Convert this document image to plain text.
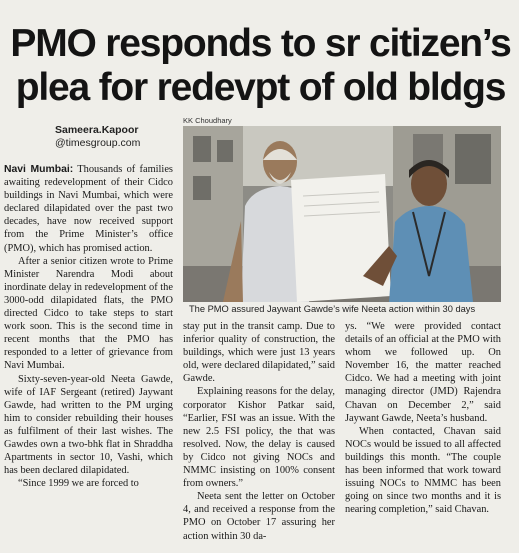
PMO responds to sr citizen’s
plea for redevpt of old bldgs
Sameera.Kapoor
@timesgroup.com
KK Choudhary
The PMO assured Jaywant Gawde’s wife Neeta action within 30 days

Navi Mumbai: Thousands of families awaiting redevelopment of their Cidco buildings in Navi Mumbai, which were declared dilapidated over the past two decades, have now received support from the Prime Minister’s office (PMO), which has promised action.

After a senior citizen wrote to Prime Minister Narendra Modi about inordinate delay in redevelopment of the 3000-odd dilapidated flats, the PMO directed Cidco to take steps to start work soon. This is the second time in recent months that the PMO has responded to a letter of grievance from Navi Mumbai.

Sixty-seven-year-old Neeta Gawde, wife of IAF Sergeant (retired) Jaywant Gawde, had written to the PM urging him to consider rebuilding their houses as fulfilment of their last wishes. The Gawdes own a two-bhk flat in Shraddha Apartments in sector 10, Vashi, which has been declared dilapidated.

“Since 1999 we are forced to

stay put in the transit camp. Due to inferior quality of construction, the buildings, which were just 13 years old, were declared dilapidated,” said Gawde.

Explaining reasons for the delay, corporator Kishor Patkar said, “Earlier, FSI was an issue. With the new 2.5 FSI policy, the that was resolved. Now, the delay is caused by Cidco not giving NOCs and NMMC insisting on 100% consent from owners.”

Neeta sent the letter on October 4, and received a response from the PMO on October 17 assuring her action within 30 da-

ys. “We were provided contact details of an official at the PMO with whom we followed up. On November 16, the matter reached Cidco. We had a meeting with joint managing director (JMD) Rajendra Chavan on December 2,” said Jaywant Gawde, Neeta’s husband.

When contacted, Chavan said NOCs would be issued to all affected buildings this month. “The couple has been informed that work toward issuing NOCs to NMMC has been going on since two months and it is nearing completion,” said Chavan.
